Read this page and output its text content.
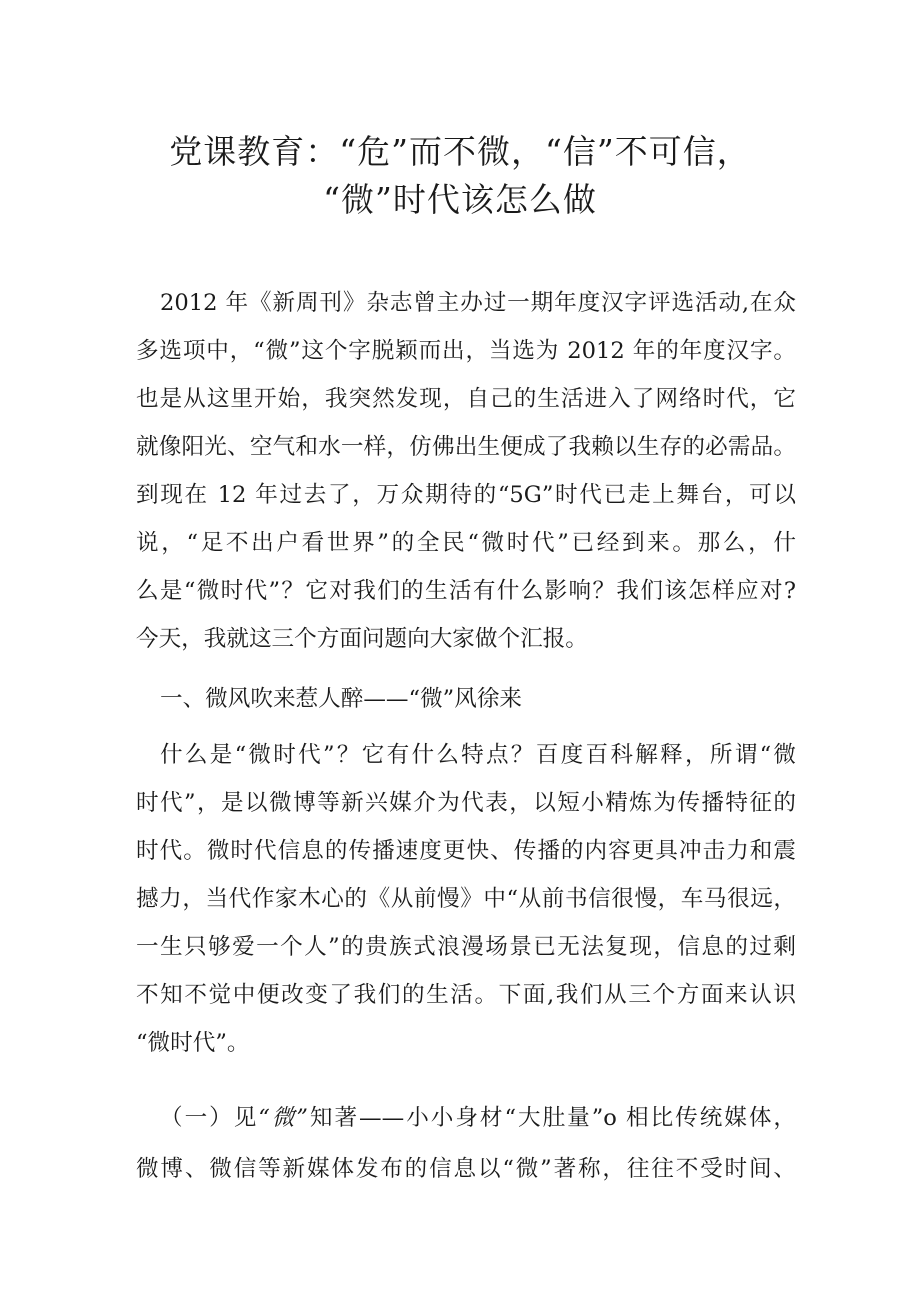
党课教育：“危”而不微，“信”不可信，
“微”时代该怎么做
2012 年《新周刊》杂志曾主办过一期年度汉字评选活动,在众
多选项中，“微”这个字脱颖而出，当选为 2012 年的年度汉字。
也是从这里开始，我突然发现，自己的生活进入了网络时代，它
就像阳光、空气和水一样，仿佛出生便成了我赖以生存的必需品。
到现在 12 年过去了，万众期待的“5G”时代已走上舞台，可以
说，“足不出户看世界”的全民“微时代”已经到来。那么，什
么是“微时代”？它对我们的生活有什么影响？我们该怎样应对?
今天，我就这三个方面问题向大家做个汇报。
一、微风吹来惹人醉——“微”风徐来
什么是“微时代”？它有什么特点？百度百科解释，所谓“微
时代”，是以微博等新兴媒介为代表，以短小精炼为传播特征的
时代。微时代信息的传播速度更快、传播的内容更具冲击力和震
撼力，当代作家木心的《从前慢》中“从前书信很慢，车马很远，
一生只够爱一个人”的贵族式浪漫场景已无法复现，信息的过剩
不知不觉中便改变了我们的生活。下面,我们从三个方面来认识
“微时代”。
（一）见“微”知著——小小身材“大肚量”o 相比传统媒体，
微博、微信等新媒体发布的信息以“微”著称，往往不受时间、
